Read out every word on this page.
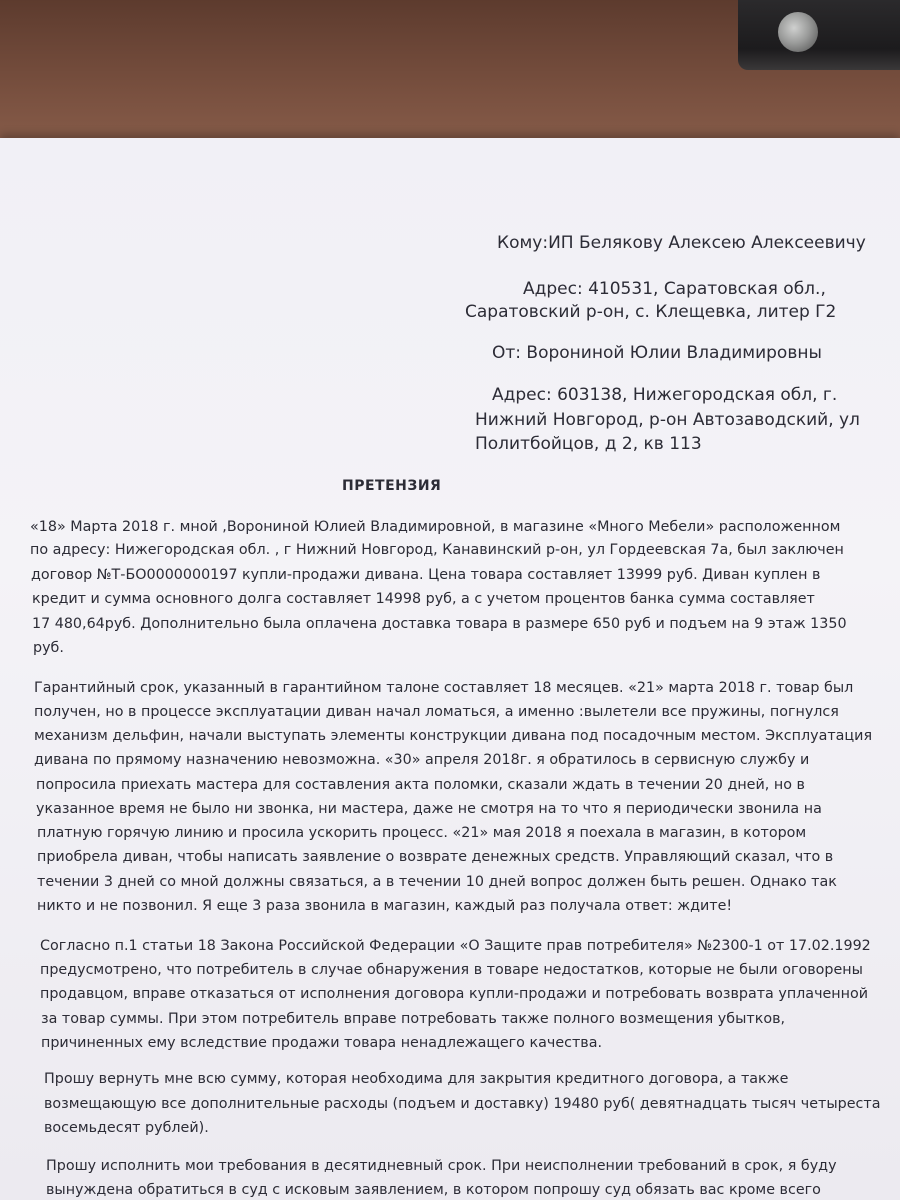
Кому:ИП Белякову Алексею Алексеевичу
Адрес: 410531, Саратовская обл.,
Саратовский р-он, с. Клещевка, литер Г2
От: Ворониной Юлии Владимировны
Адрес: 603138, Нижегородская обл, г.
Нижний Новгород, р-он Автозаводский, ул
Политбойцов, д 2, кв 113
ПРЕТЕНЗИЯ
«18» Марта 2018 г. мной ,Ворониной Юлией Владимировной, в магазине «Много Мебели» расположенном
по адресу: Нижегородская обл. , г Нижний Новгород, Канавинский р-он, ул Гордеевская 7а, был заключен
договор №Т-БО0000000197 купли-продажи дивана. Цена товара составляет 13999 руб. Диван куплен в
кредит и сумма основного долга составляет 14998 руб, а с учетом процентов банка сумма составляет
17 480,64руб. Дополнительно была оплачена доставка товара в размере 650 руб и подъем на 9 этаж 1350
руб.
Гарантийный срок, указанный в гарантийном талоне составляет 18 месяцев. «21» марта 2018 г. товар был
получен, но в процессе эксплуатации диван начал ломаться, а именно :вылетели все пружины, погнулся
механизм дельфин, начали выступать элементы конструкции дивана под посадочным местом. Эксплуатация
дивана по прямому назначению невозможна. «30» апреля 2018г. я обратилось в сервисную службу и
попросила приехать мастера для составления акта поломки, сказали ждать в течении 20 дней, но в
указанное время не было ни звонка, ни мастера, даже не смотря на то что я периодически звонила на
платную горячую линию и просила ускорить процесс. «21» мая 2018 я поехала в магазин, в котором
приобрела диван, чтобы написать заявление о возврате денежных средств. Управляющий сказал, что в
течении 3 дней со мной должны связаться, а в течении 10 дней вопрос должен быть решен. Однако так
никто и не позвонил. Я еще 3 раза звонила в магазин, каждый раз получала ответ: ждите!
Согласно п.1 статьи 18 Закона Российской Федерации «О Защите прав потребителя» №2300-1 от 17.02.1992
предусмотрено, что потребитель в случае обнаружения в товаре недостатков, которые не были оговорены
продавцом, вправе отказаться от исполнения договора купли-продажи и потребовать возврата уплаченной
за товар суммы. При этом потребитель вправе потребовать также полного возмещения убытков,
причиненных ему вследствие продажи товара ненадлежащего качества.
Прошу вернуть мне всю сумму, которая необходима для закрытия кредитного договора, а также
возмещающую все дополнительные расходы (подъем и доставку) 19480 руб( девятнадцать тысяч четыреста
восемьдесят рублей).
Прошу исполнить мои требования в десятидневный срок. При неисполнении требований в срок, я буду
вынуждена обратиться в суд с исковым заявлением, в котором попрошу суд обязать вас кроме всего
